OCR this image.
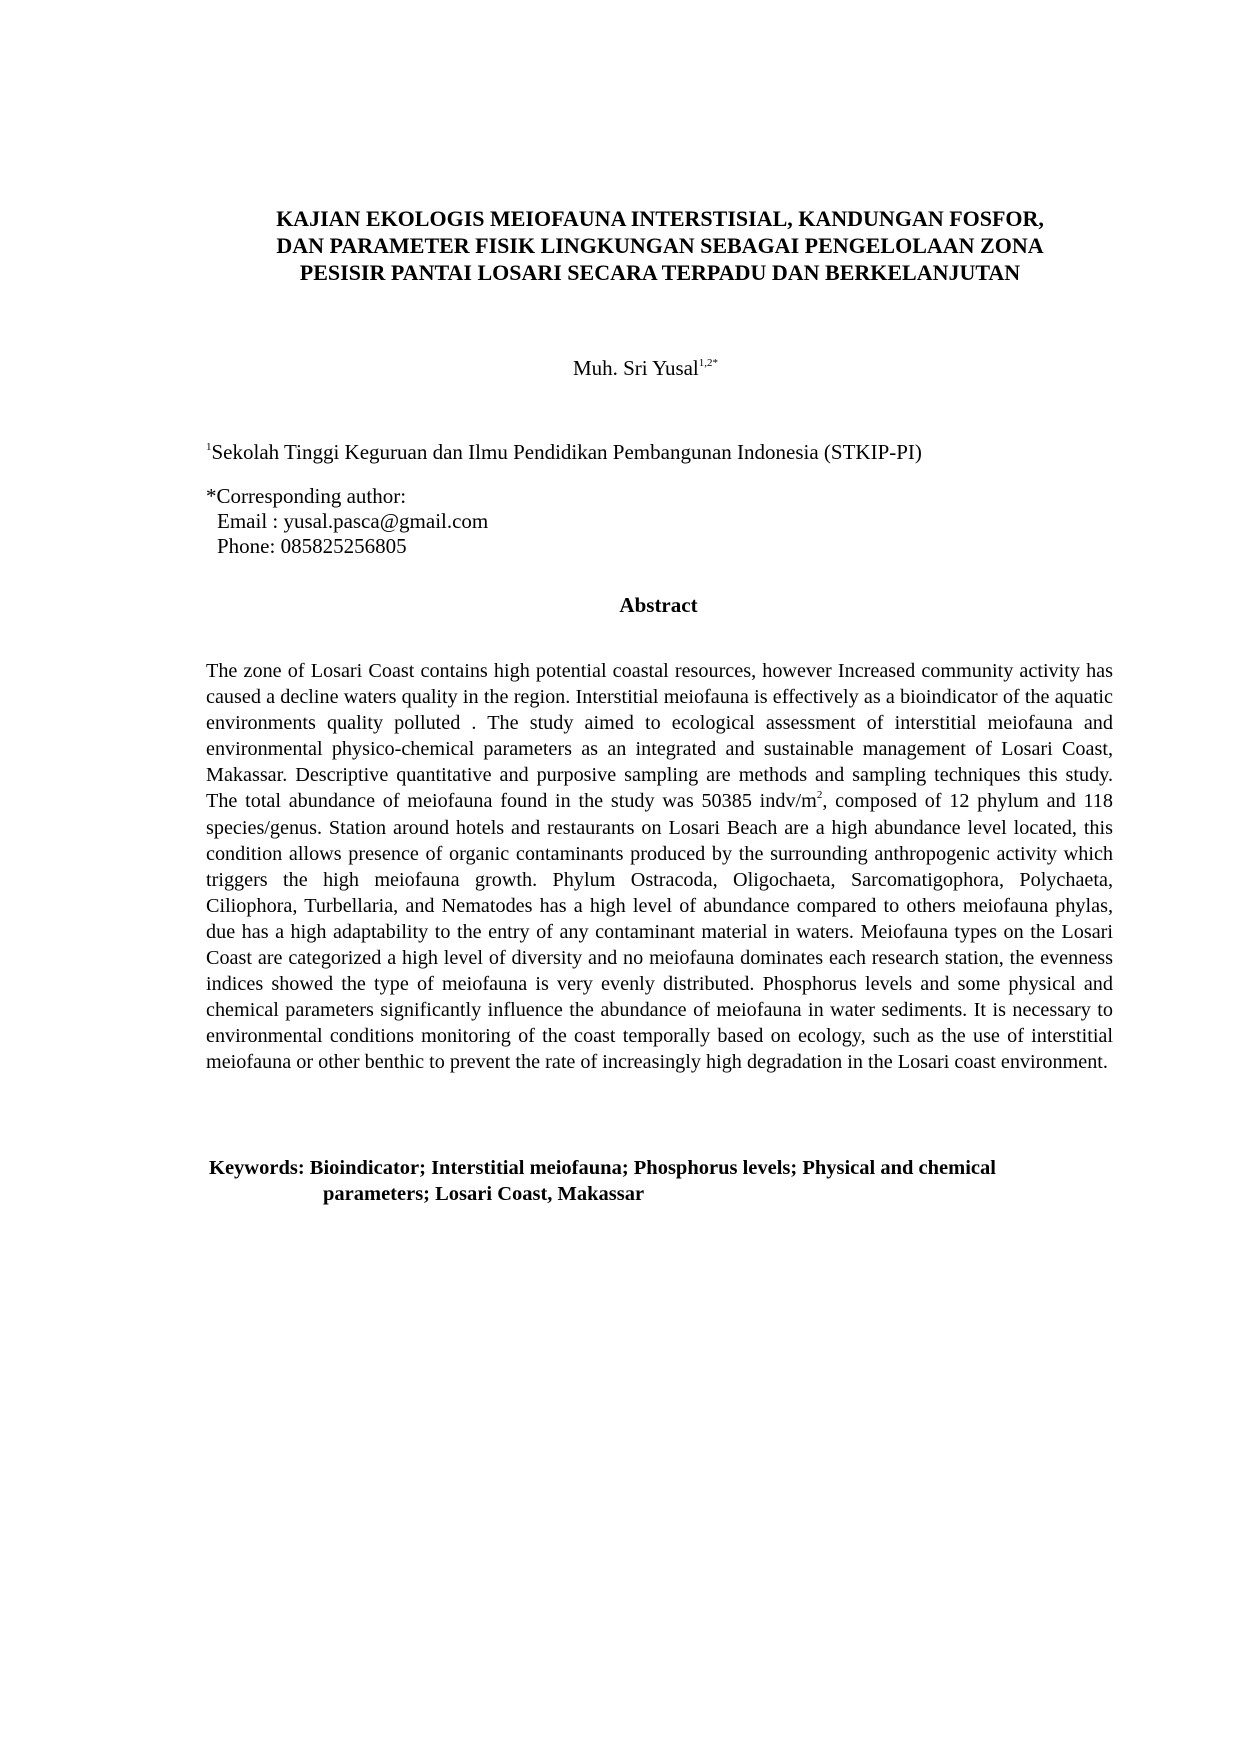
KAJIAN EKOLOGIS MEIOFAUNA INTERSTISIAL, KANDUNGAN FOSFOR,
DAN PARAMETER FISIK LINGKUNGAN SEBAGAI PENGELOLAAN ZONA
PESISIR PANTAI LOSARI SECARA TERPADU DAN BERKELANJUTAN
Muh. Sri Yusal$^{1,2*}$
$^1$Sekolah Tinggi Keguruan dan Ilmu Pendidikan Pembangunan Indonesia (STKIP-PI)
*Corresponding author:
Email : yusal.pasca@gmail.com
Phone: 085825256805
Abstract

The zone of Losari Coast contains high potential coastal resources, however Increased community activity has caused a decline waters quality in the region. Interstitial meiofauna is effectively as a bioindicator of the aquatic environments quality polluted . The study aimed to ecological assessment of interstitial meiofauna and environmental physico-chemical parameters as an integrated and sustainable management of Losari Coast, Makassar. Descriptive quantitative and purposive sampling are methods and sampling techniques this study. The total abundance of meiofauna found in the study was 50385 indv/$m^2$, composed of 12 phylum and 118 species/genus. Station around hotels and restaurants on Losari Beach are a high abundance level located, this condition allows presence of organic contaminants produced by the surrounding anthropogenic activity which triggers the high meiofauna growth. Phylum Ostracoda, Oligochaeta, Sarcomatigophora, Polychaeta, Ciliophora, Turbellaria, and Nematodes has a high level of abundance compared to others meiofauna phylas, due has a high adaptability to the entry of any contaminant material in waters. Meiofauna types on the Losari Coast are categorized a high level of diversity and no meiofauna dominates each research station, the evenness indices showed the type of meiofauna is very evenly distributed. Phosphorus levels and some physical and chemical parameters significantly influence the abundance of meiofauna in water sediments. It is necessary to environmental conditions monitoring of the coast temporally based on ecology, such as the use of interstitial meiofauna or other benthic to prevent the rate of increasingly high degradation in the Losari coast environment.

Keywords: Bioindicator; Interstitial meiofauna; Phosphorus levels; Physical and chemical
parameters; Losari Coast, Makassar
